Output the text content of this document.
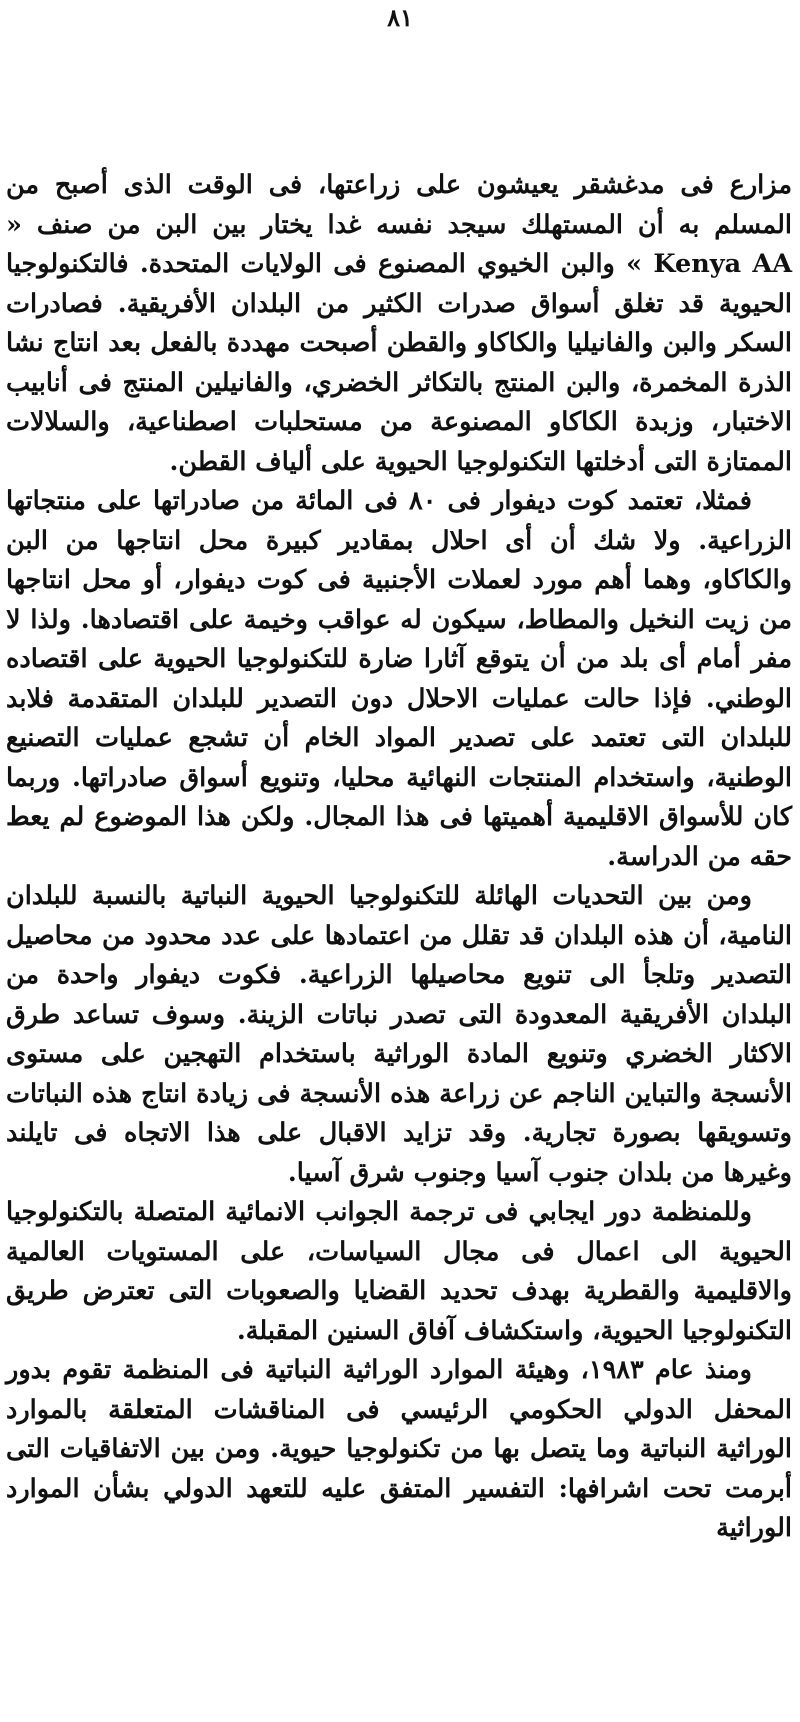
٨١

مزارع فى مدغشقر يعيشون على زراعتها، فى الوقت الذى أصبح من المسلم به أن المستهلك سيجد نفسه غدا يختار بين البن من صنف « Kenya AA » والبن الخيوي المصنوع فى الولايات المتحدة. فالتكنولوجيا الحيوية قد تغلق أسواق صدرات الكثير من البلدان الأفريقية. فصادرات السكر والبن والفانيليا والكاكاو والقطن أصبحت مهددة بالفعل بعد انتاج نشا الذرة المخمرة، والبن المنتج بالتكاثر الخضري، والفانيلين المنتج فى أنابيب الاختبار، وزبدة الكاكاو المصنوعة من مستحلبات اصطناعية، والسلالات الممتازة التى أدخلتها التكنولوجيا الحيوية على ألياف القطن.

فمثلا، تعتمد كوت ديفوار فى ٨٠ فى المائة من صادراتها على منتجاتها الزراعية. ولا شك أن أى احلال بمقادير كبيرة محل انتاجها من البن والكاكاو، وهما أهم مورد لعملات الأجنبية فى كوت ديفوار، أو محل انتاجها من زيت النخيل والمطاط، سيكون له عواقب وخيمة على اقتصادها. ولذا لا مفر أمام أى بلد من أن يتوقع آثارا ضارة للتكنولوجيا الحيوية على اقتصاده الوطني. فإذا حالت عمليات الاحلال دون التصدير للبلدان المتقدمة فلابد للبلدان التى تعتمد على تصدير المواد الخام أن تشجع عمليات التصنيع الوطنية، واستخدام المنتجات النهائية محليا، وتنويع أسواق صادراتها. وربما كان للأسواق الاقليمية أهميتها فى هذا المجال. ولكن هذا الموضوع لم يعط حقه من الدراسة.

ومن بين التحديات الهائلة للتكنولوجيا الحيوية النباتية بالنسبة للبلدان النامية، أن هذه البلدان قد تقلل من اعتمادها على عدد محدود من محاصيل التصدير وتلجأ الى تنويع محاصيلها الزراعية. فكوت ديفوار واحدة من البلدان الأفريقية المعدودة التى تصدر نباتات الزينة. وسوف تساعد طرق الاكثار الخضري وتنويع المادة الوراثية باستخدام التهجين على مستوى الأنسجة والتباين الناجم عن زراعة هذه الأنسجة فى زيادة انتاج هذه النباتات وتسويقها بصورة تجارية. وقد تزايد الاقبال على هذا الاتجاه فى تايلند وغيرها من بلدان جنوب آسيا وجنوب شرق آسيا.

وللمنظمة دور ايجابي فى ترجمة الجوانب الانمائية المتصلة بالتكنولوجيا الحيوية الى اعمال فى مجال السياسات، على المستويات العالمية والاقليمية والقطرية بهدف تحديد القضايا والصعوبات التى تعترض طريق التكنولوجيا الحيوية، واستكشاف آفاق السنين المقبلة.

ومنذ عام ١٩٨٣، وهيئة الموارد الوراثية النباتية فى المنظمة تقوم بدور المحفل الدولي الحكومي الرئيسي فى المناقشات المتعلقة بالموارد الوراثية النباتية وما يتصل بها من تكنولوجيا حيوية. ومن بين الاتفاقيات التى أبرمت تحت اشرافها: التفسير المتفق عليه للتعهد الدولي بشأن الموارد الوراثية
